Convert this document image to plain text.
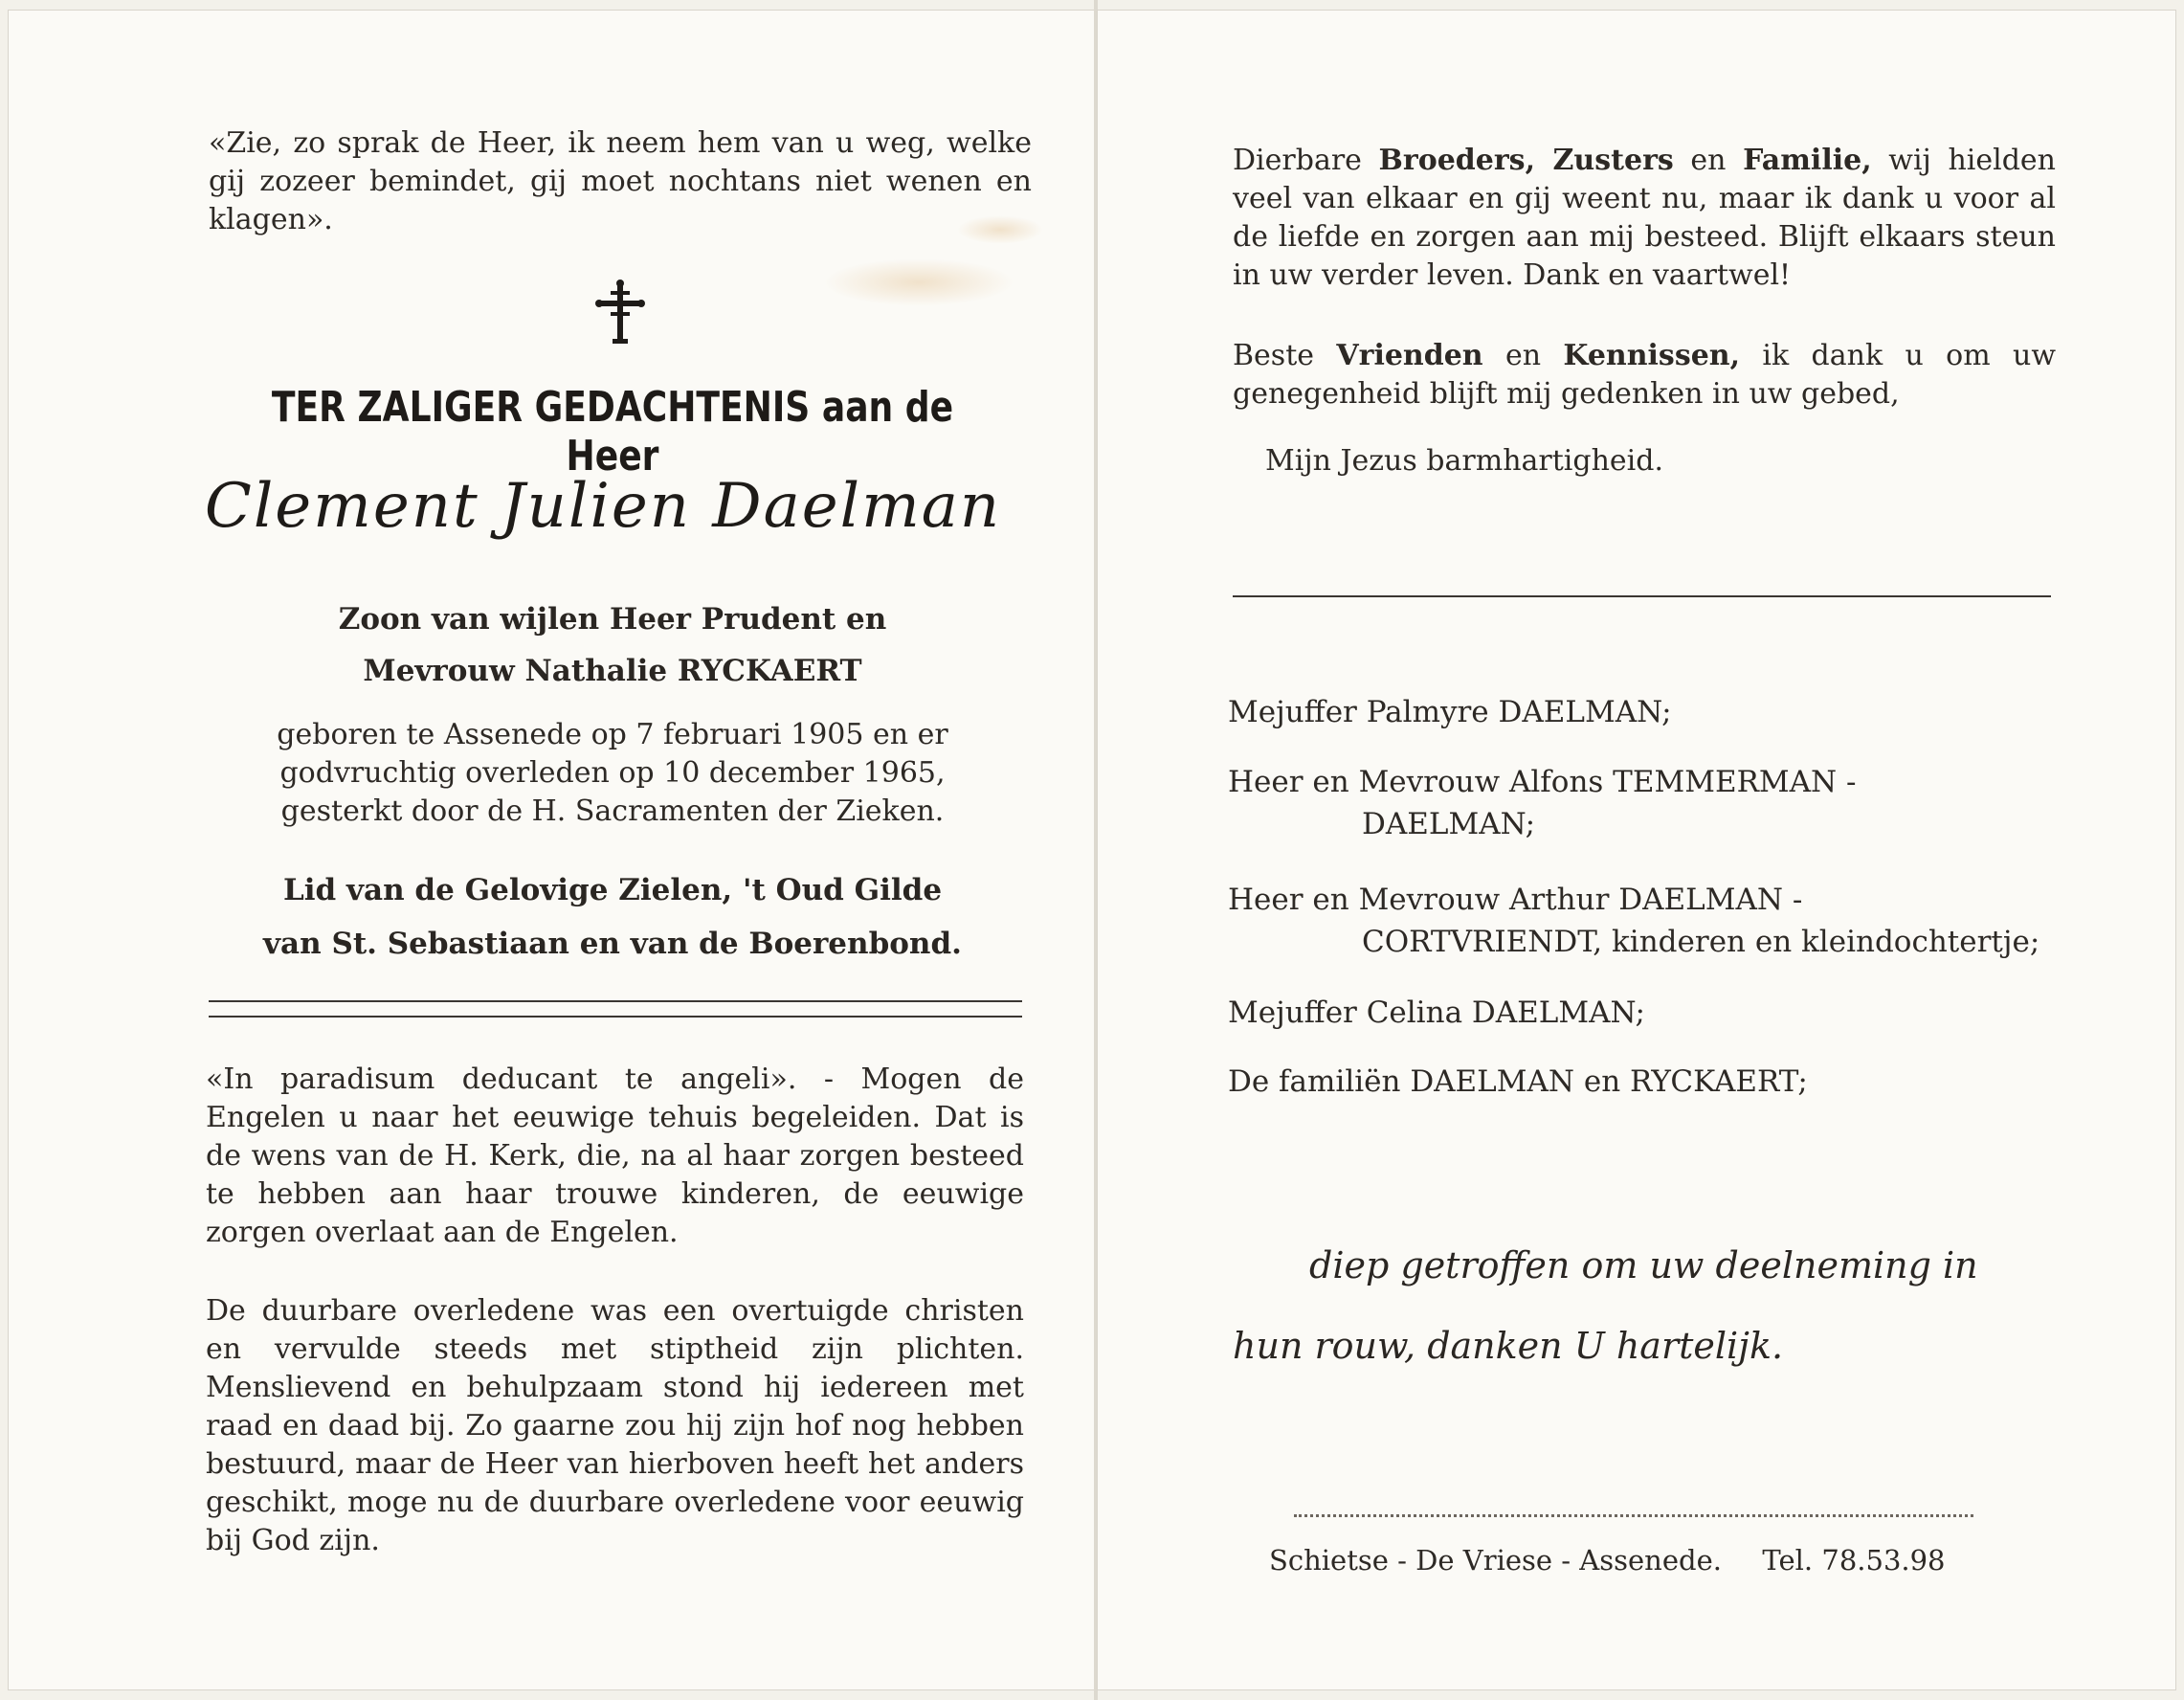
«Zie, zo sprak de Heer, ik neem hem van u weg, welke gij zozeer bemindet, gij moet nochtans niet wenen en klagen».

TER ZALIGER GEDACHTENIS aan de Heer
Clement Julien Daelman
Zoon van wijlen Heer Prudent en
Mevrouw Nathalie RYCKAERT

geboren te Assenede op 7 februari 1905 en er godvruchtig overleden op 10 december 1965, gesterkt door de H. Sacramenten der Zieken.

Lid van de Gelovige Zielen, 't Oud Gilde
van St. Sebastiaan en van de Boerenbond.

«In paradisum deducant te angeli». - Mogen de Engelen u naar het eeuwige tehuis begeleiden. Dat is de wens van de H. Kerk, die, na al haar zorgen besteed te hebben aan haar trouwe kinderen, de eeuwige zorgen overlaat aan de Engelen.

De duurbare overledene was een overtuigde christen en vervulde steeds met stiptheid zijn plichten. Menslievend en behulpzaam stond hij iedereen met raad en daad bij. Zo gaarne zou hij zijn hof nog hebben bestuurd, maar de Heer van hierboven heeft het anders geschikt, moge nu de duurbare overledene voor eeuwig bij God zijn.

Dierbare Broeders, Zusters en Familie, wij hielden veel van elkaar en gij weent nu, maar ik dank u voor al de liefde en zorgen aan mij besteed. Blijft elkaars steun in uw verder leven. Dank en vaartwel!

Beste Vrienden en Kennissen, ik dank u om uw genegenheid blijft mij gedenken in uw gebed,

Mijn Jezus barmhartigheid.
Mejuffer Palmyre DAELMAN;
Heer en Mevrouw Alfons TEMMERMAN - DAELMAN;
Heer en Mevrouw Arthur DAELMAN - CORTVRIENDT, kinderen en kleindochtertje;
Mejuffer Celina DAELMAN;
De familiën DAELMAN en RYCKAERT;
diep getroffen om uw deelneming in hun rouw, danken U hartelijk.
Schietse - De Vriese - Assenede. Tel. 78.53.98
